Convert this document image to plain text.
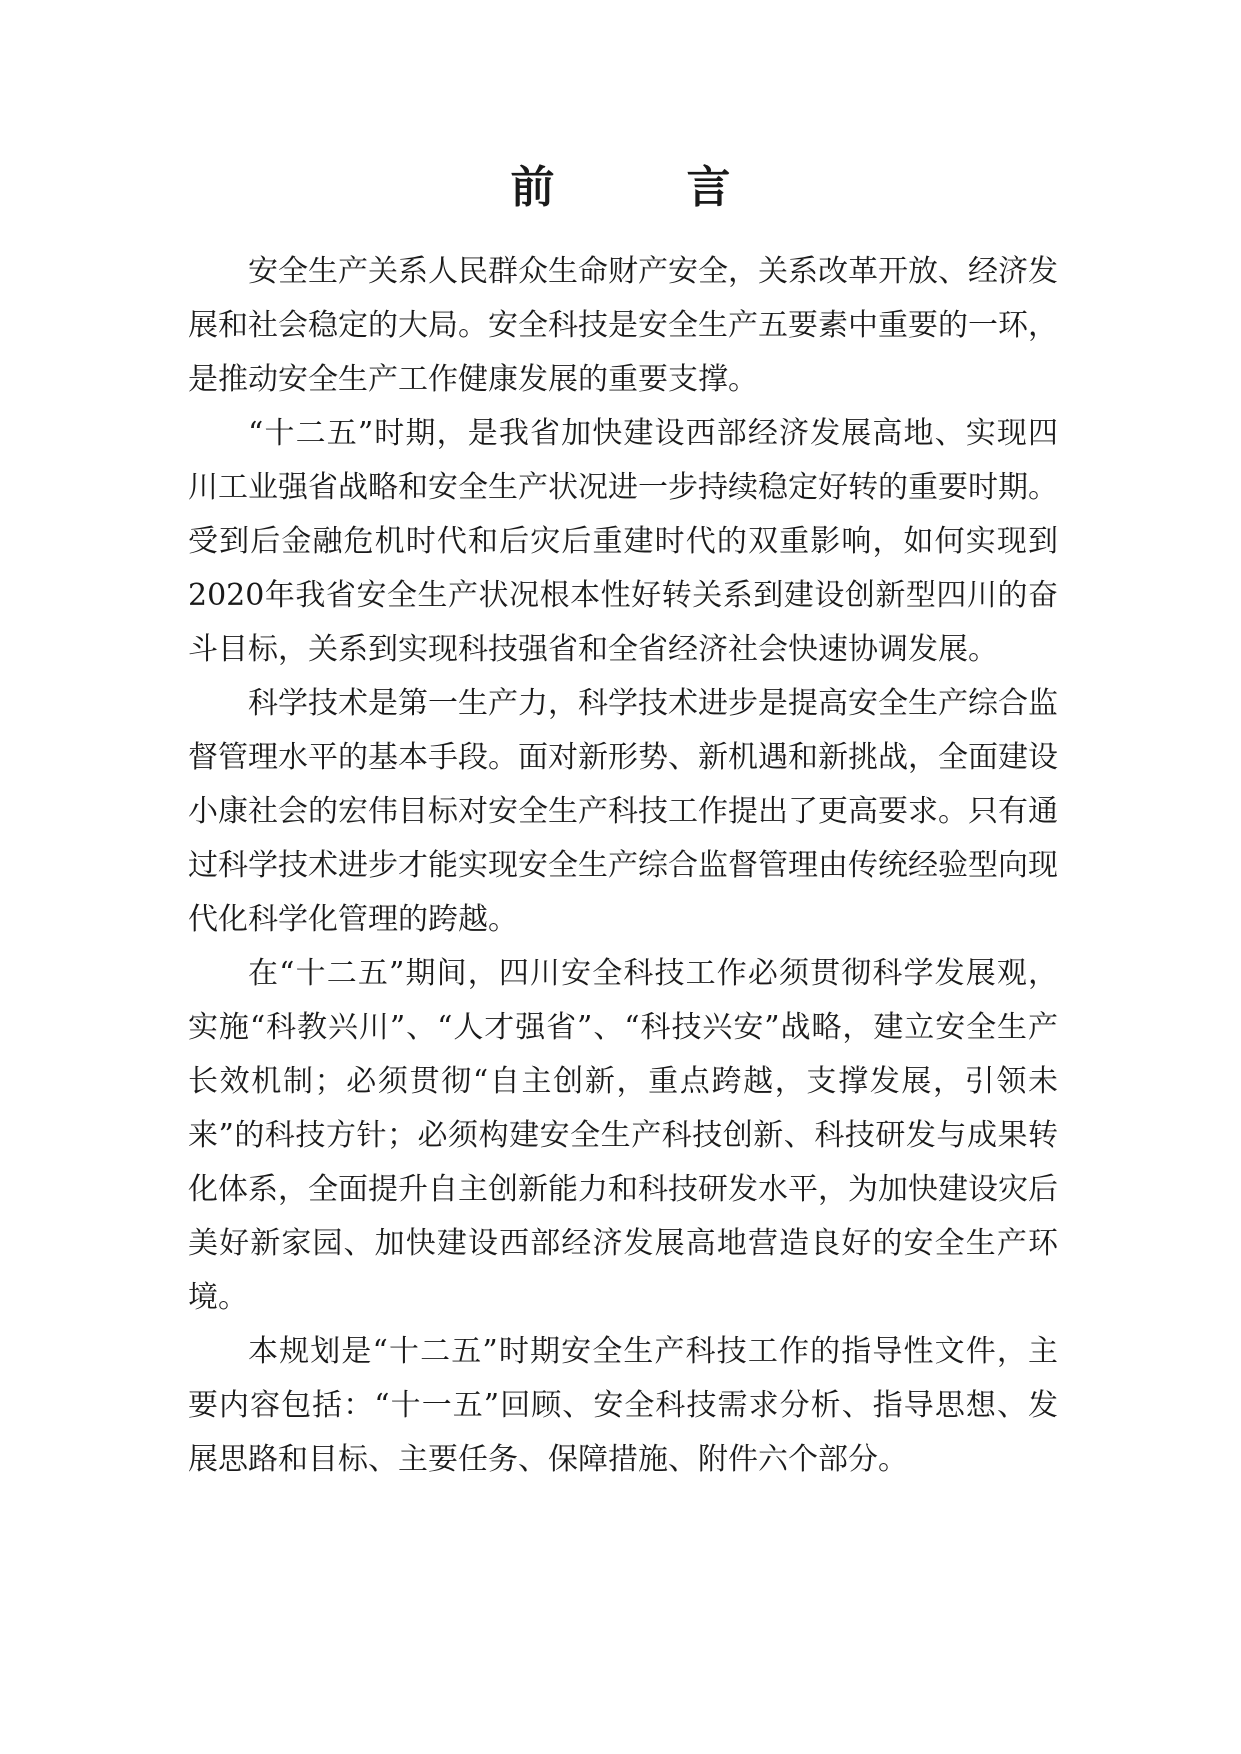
前　言

安全生产关系人民群众生命财产安全，关系改革开放、经济发展和社会稳定的大局。安全科技是安全生产五要素中重要的一环，是推动安全生产工作健康发展的重要支撑。

“十二五”时期，是我省加快建设西部经济发展高地、实现四川工业强省战略和安全生产状况进一步持续稳定好转的重要时期。受到后金融危机时代和后灾后重建时代的双重影响，如何实现到2020年我省安全生产状况根本性好转关系到建设创新型四川的奋斗目标，关系到实现科技强省和全省经济社会快速协调发展。

科学技术是第一生产力，科学技术进步是提高安全生产综合监督管理水平的基本手段。面对新形势、新机遇和新挑战，全面建设小康社会的宏伟目标对安全生产科技工作提出了更高要求。只有通过科学技术进步才能实现安全生产综合监督管理由传统经验型向现代化科学化管理的跨越。

在“十二五”期间，四川安全科技工作必须贯彻科学发展观，实施“科教兴川”、“人才强省”、“科技兴安”战略，建立安全生产长效机制；必须贯彻“自主创新，重点跨越，支撑发展，引领未来”的科技方针；必须构建安全生产科技创新、科技研发与成果转化体系，全面提升自主创新能力和科技研发水平，为加快建设灾后美好新家园、加快建设西部经济发展高地营造良好的安全生产环境。

本规划是“十二五”时期安全生产科技工作的指导性文件，主要内容包括：“十一五”回顾、安全科技需求分析、指导思想、发展思路和目标、主要任务、保障措施、附件六个部分。
